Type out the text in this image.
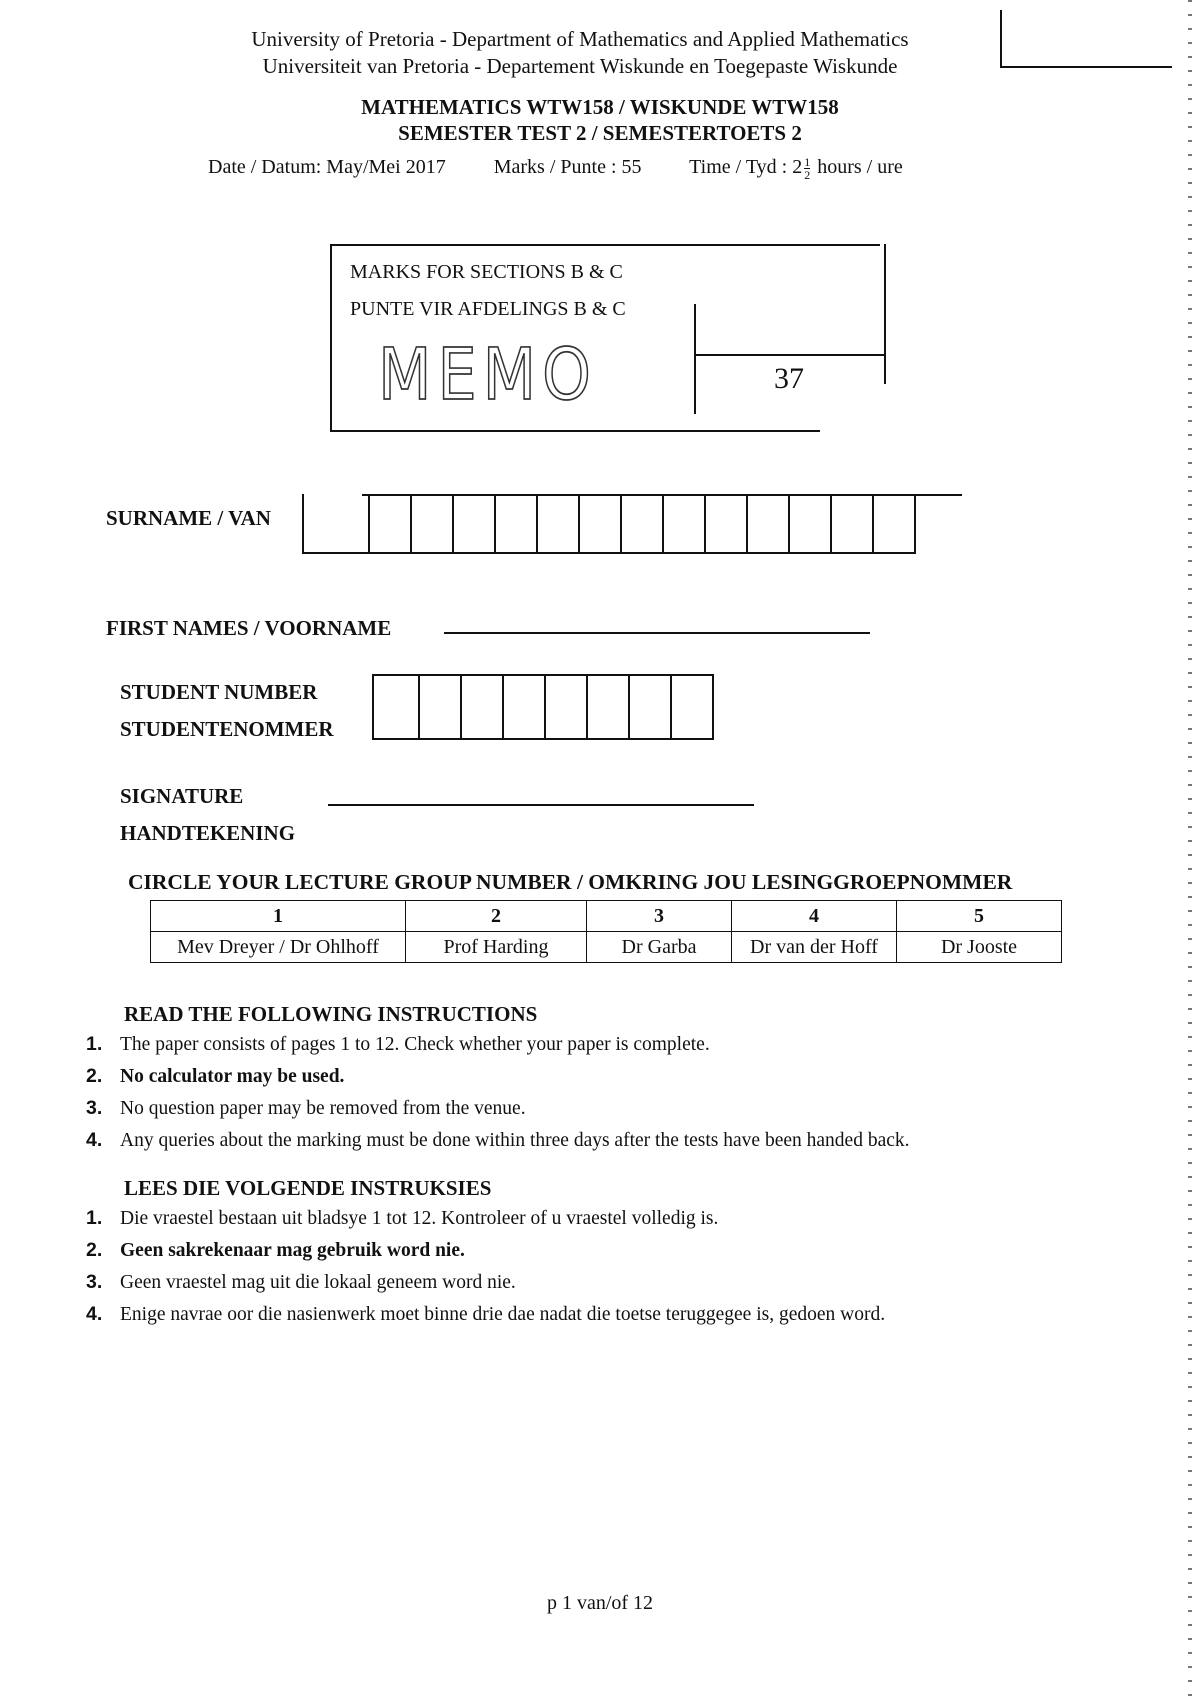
University of Pretoria - Department of Mathematics and Applied Mathematics
Universiteit van Pretoria - Departement Wiskunde en Toegepaste Wiskunde
MATHEMATICS WTW158 / WISKUNDE WTW158
SEMESTER TEST 2 / SEMESTERTOETS 2
Date / Datum: May/Mei 2017 Marks / Punte : 55 Time / Tyd : $2 \frac{1}{2}$ hours / ure
MARKS FOR SECTIONS B & C
PUNTE VIR AFDELINGS B & C
MEMO	37
SURNAME / VAN
FIRST NAMES / VOORNAME
STUDENT NUMBER
STUDENTENOMMER
SIGNATURE
HANDTEKENING
CIRCLE YOUR LECTURE GROUP NUMBER / OMKRING JOU LESINGGROEPNOMMER
1	2	3	4	5
Mev Dreyer / Dr Ohlhoff	Prof Harding	Dr Garba	Dr van der Hoff	Dr Jooste
READ THE FOLLOWING INSTRUCTIONS
1. The paper consists of pages 1 to 12. Check whether your paper is complete.
2. No calculator may be used.
3. No question paper may be removed from the venue.
4. Any queries about the marking must be done within three days after the tests have been handed back.
LEES DIE VOLGENDE INSTRUKSIES
1. Die vraestel bestaan uit bladsye 1 tot 12. Kontroleer of u vraestel volledig is.
2. Geen sakrekenaar mag gebruik word nie.
3. Geen vraestel mag uit die lokaal geneem word nie.
4. Enige navrae oor die nasienwerk moet binne drie dae nadat die toetse teruggegee is, gedoen word.
p 1 van/of 12
